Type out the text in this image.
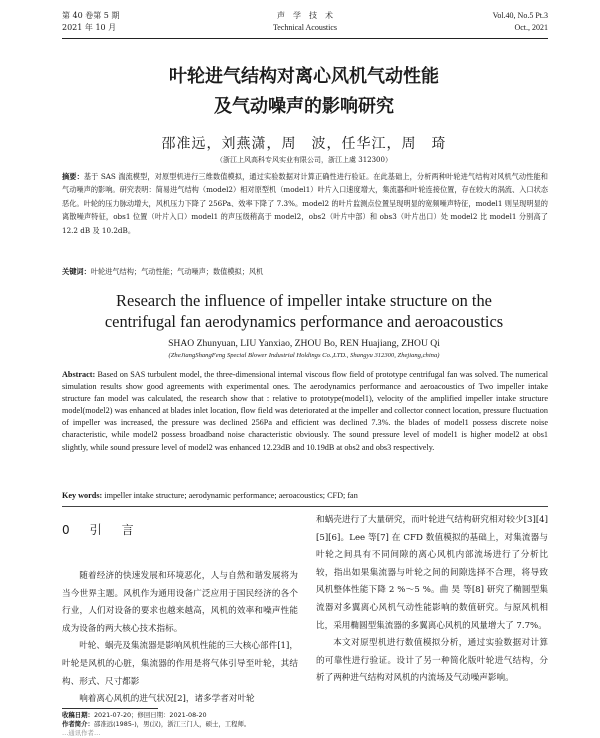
第 40 卷第 5 期
2021 年 10 月
声　学　技　术
Technical Acoustics
Vol.40, No.5 Pt.3
Oct., 2021
叶轮进气结构对离心风机气动性能
及气动噪声的影响研究
邵准远，刘燕潇，周　波，任华江，周　琦
（浙江上风高科专风实业有限公司，浙江上虞 312300）
摘要：基于 SAS 湍流模型，对原型机进行三维数值模拟，通过实验数据对计算正确性进行验证。在此基础上，分析两种叶轮进气结构对风机气动性能和气动噪声的影响。研究表明：简易进气结构（model2）相对原型机（model1）叶片入口速度增大，集流器和叶轮连接位置，存在较大的涡流、入口状态恶化。叶轮的压力脉动增大，风机压力下降了 256Pa、效率下降了 7.3%。model2 的叶片监测点位置呈现明显的宽频噪声特征，model1 则呈现明显的离散噪声特征，obs1 位置（叶片入口）model1 的声压级稍高于 model2，obs2（叶片中部）和 obs3（叶片出口）处 model2 比 model1 分别高了 12.2 dB 及 10.2dB。
关键词：叶轮进气结构；气动性能；气动噪声；数值模拟；风机
Research the influence of impeller intake structure on the
centrifugal fan aerodynamics performance and aeroacoustics
SHAO Zhunyuan, LIU Yanxiao, ZHOU Bo, REN Huajiang, ZHOU Qi
(ZheJiangShangFeng Special Blower Industrial Holdings Co.,LTD., Shangyu 312300, Zhejiang,china)
Abstract: Based on SAS turbulent model, the three-dimensional internal viscous flow field of prototype centrifugal fan was solved. The numerical simulation results show good agreements with experimental ones. The aerodynamics performance and aeroacoustics of Two impeller intake structure fan model was calculated, the research show that : relative to prototype(model1), velocity of the amplified impeller intake structure model(model2) was enhanced at blades inlet location, flow field was deteriorated at the impeller and collector connect location, pressure fluctuation of impeller was increased, the pressure was declined 256Pa and efficient was declined 7.3%. the blades of model1 possess discrete noise characteristic, while model2 possess broadband noise characteristic obviously. The sound pressure level of model1 is higher model2 at obs1 slightly, while sound pressure level of model2 was enhanced 12.23dB and 10.19dB at obs2 and obs3 respectively.
Key words: impeller intake structure; aerodynamic performance; aeroacoustics; CFD; fan
0　引　言

随着经济的快速发展和环境恶化，人与自然和谐发展将为当今世界主题。风机作为通用设备广泛应用于国民经济的各个行业，人们对设备的要求也越来越高，风机的效率和噪声性能成为设备的两大核心技术指标。

叶轮、蜗壳及集流器是影响风机性能的三大核心部件[1]，叶轮是风机的心脏，集流器的作用是将气体引导至叶轮，其结构、形式、尺寸都影

响着离心风机的进气状况[2]，诸多学者对叶轮

和蜗壳进行了大量研究，而叶轮进气结构研究相对较少[3][4][5][6]。Lee 等[7] 在 CFD 数值模拟的基础上，对集流器与叶轮之间具有不同间隙的离心风机内部流场进行了分析比较，指出如果集流器与叶轮之间的间隙选择不合理，将导致风机整体性能下降 2 %～5 %。曲 昊 等[8] 研究了椭圆型集流器对多翼离心风机气动性能影响的数值研究。与原风机相比，采用椭圆型集流器的多翼离心风机的风量增大了 7.7%。

本文对原型机进行数值模拟分析，通过实验数据对计算的可靠性进行验证。设计了另一种简化版叶轮进气结构，分析了两种进气结构对风机的内流场及气动噪声影响。

收稿日期：2021-07-20；修回日期：2021-08-20
作者简介：邵准远(1985-)，男(汉)，浙江三门人，硕士，工程师。
…通讯作者…
